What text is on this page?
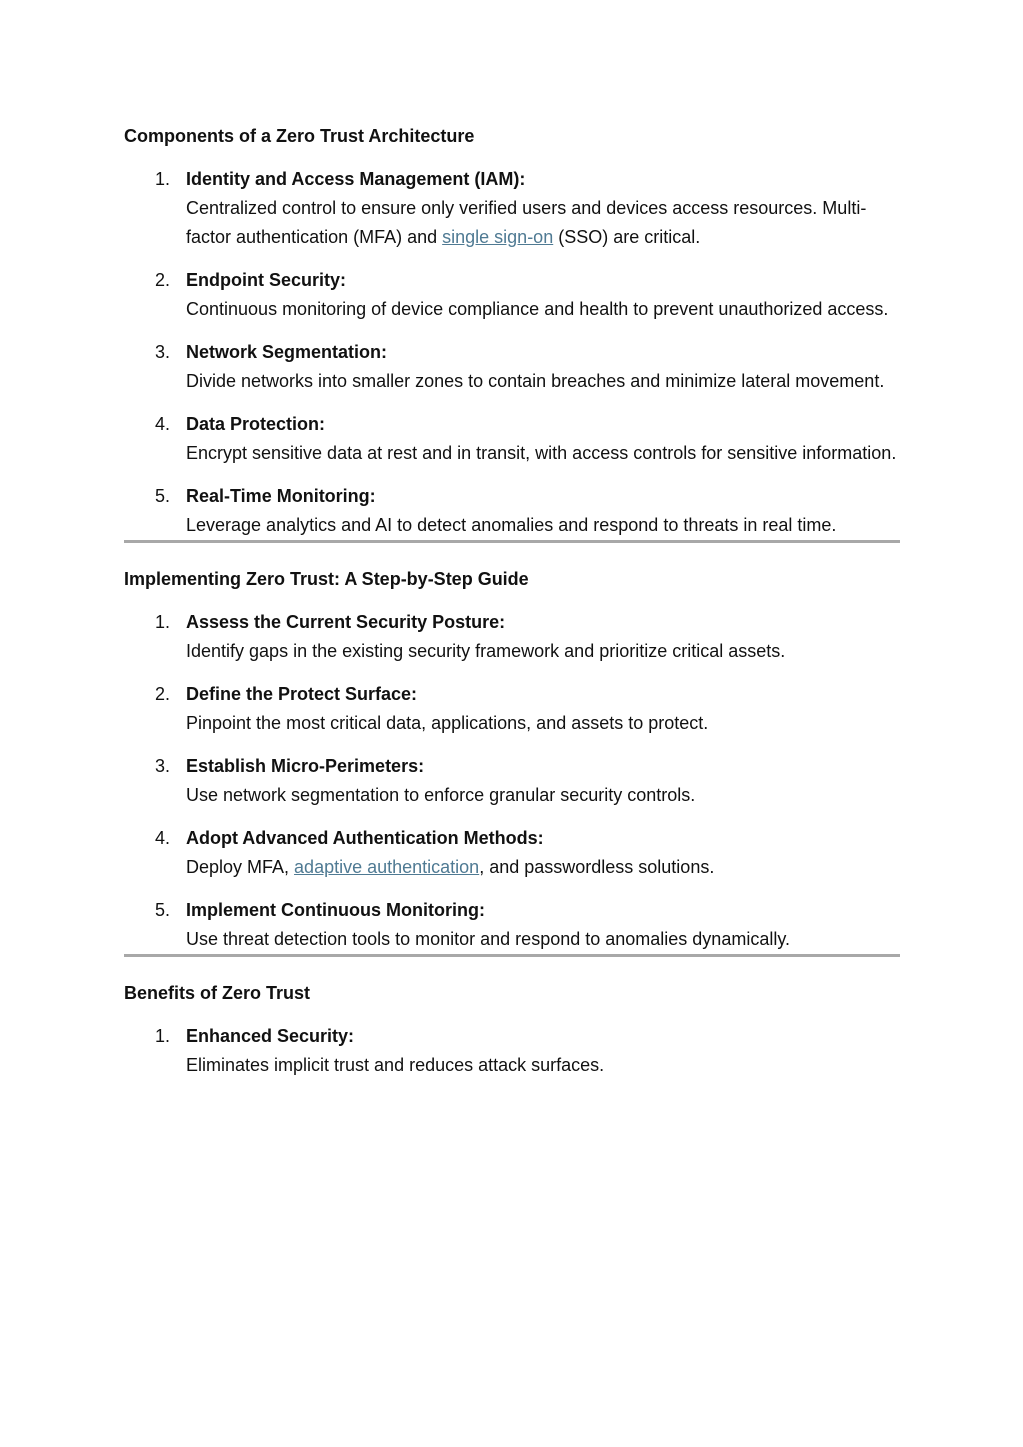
Components of a Zero Trust Architecture
1. Identity and Access Management (IAM):
Centralized control to ensure only verified users and devices access resources. Multi-factor authentication (MFA) and single sign-on (SSO) are critical.
2. Endpoint Security:
Continuous monitoring of device compliance and health to prevent unauthorized access.
3. Network Segmentation:
Divide networks into smaller zones to contain breaches and minimize lateral movement.
4. Data Protection:
Encrypt sensitive data at rest and in transit, with access controls for sensitive information.
5. Real-Time Monitoring:
Leverage analytics and AI to detect anomalies and respond to threats in real time.
Implementing Zero Trust: A Step-by-Step Guide
1. Assess the Current Security Posture:
Identify gaps in the existing security framework and prioritize critical assets.
2. Define the Protect Surface:
Pinpoint the most critical data, applications, and assets to protect.
3. Establish Micro-Perimeters:
Use network segmentation to enforce granular security controls.
4. Adopt Advanced Authentication Methods:
Deploy MFA, adaptive authentication, and passwordless solutions.
5. Implement Continuous Monitoring:
Use threat detection tools to monitor and respond to anomalies dynamically.
Benefits of Zero Trust
1. Enhanced Security:
Eliminates implicit trust and reduces attack surfaces.
